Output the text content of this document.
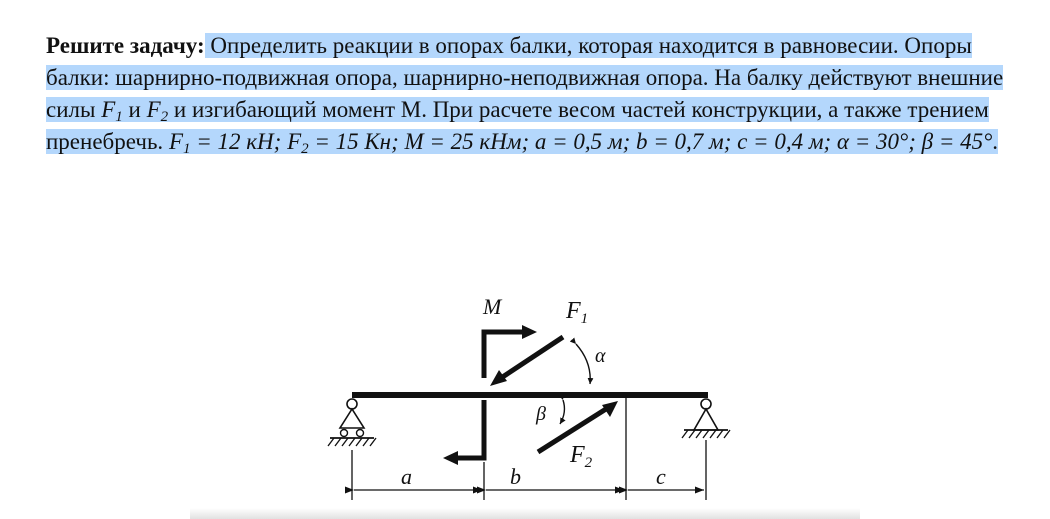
Решите задачу: Определить реакции в опорах балки, которая находится в равновесии. Опоры балки: шарнирно-подвижная опора, шарнирно-неподвижная опора. На балку действуют внешние силы $F_1$ и $F_2$ и изгибающий момент М. При расчете весом частей конструкции, а также трением пренебречь. $F_1 = 12$ кН; $F_2 = 15$ Кн; M = 25 кНм; a = 0,5 м; b = 0,7 м; c = 0,4 м; α = 30°; β = 45°.

M	$F_1$
α
$F_2$
β
a	b	c
